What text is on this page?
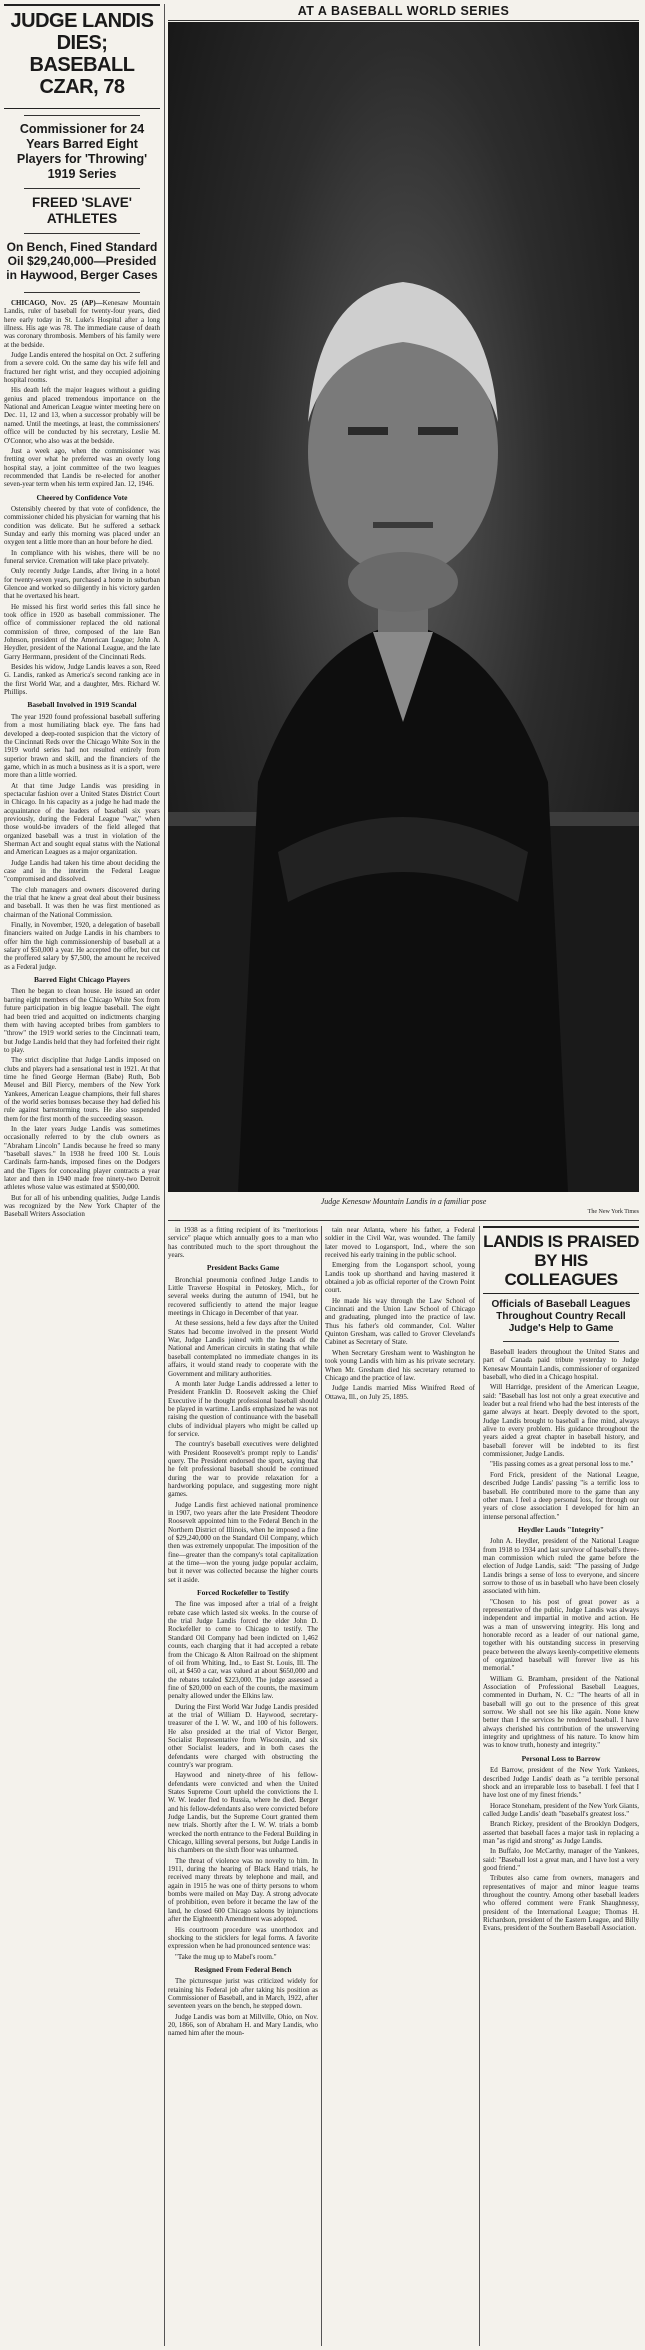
JUDGE LANDIS DIES;
BASEBALL CZAR, 78
Commissioner for 24 Years Barred Eight Players for 'Throwing' 1919 Series
FREED 'SLAVE' ATHLETES
On Bench, Fined Standard Oil $29,240,000—Presided in Haywood, Berger Cases

CHICAGO, Nov. 25 (AP)—Kenesaw Mountain Landis, ruler of baseball for twenty-four years, died here early today in St. Luke's Hospital after a long illness. His age was 78. The immediate cause of death was coronary thrombosis. Members of his family were at the bedside.

Judge Landis entered the hospital on Oct. 2 suffering from a severe cold. On the same day his wife fell and fractured her right wrist, and they occupied adjoining hospital rooms.

His death left the major leagues without a guiding genius and placed tremendous importance on the National and American League winter meeting here on Dec. 11, 12 and 13, when a successor probably will be named. Until the meetings, at least, the commissioners' office will be conducted by his secretary, Leslie M. O'Connor, who also was at the bedside.

Just a week ago, when the commissioner was fretting over what he preferred was an overly long hospital stay, a joint committee of the two leagues recommended that Landis be re-elected for another seven-year term when his term expired Jan. 12, 1946.

Cheered by Confidence Vote

Ostensibly cheered by that vote of confidence, the commissioner chided his physician for warning that his condition was delicate. But he suffered a setback Sunday and early this morning was placed under an oxygen tent a little more than an hour before he died.

In compliance with his wishes, there will be no funeral service. Cremation will take place privately.

Only recently Judge Landis, after living in a hotel for twenty-seven years, purchased a home in suburban Glencoe and worked so diligently in his victory garden that he overtaxed his heart.

He missed his first world series this fall since he took office in 1920 as baseball commissioner. The office of commissioner replaced the old national commission of three, composed of the late Ban Johnson, president of the American League; John A. Heydler, president of the National League, and the late Garry Herrmann, president of the Cincinnati Reds.

Besides his widow, Judge Landis leaves a son, Reed G. Landis, ranked as America's second ranking ace in the first World War, and a daughter, Mrs. Richard W. Phillips.

Baseball Involved in 1919 Scandal

The year 1920 found professional baseball suffering from a most humiliating black eye. The fans had developed a deep-rooted suspicion that the victory of the Cincinnati Reds over the Chicago White Sox in the 1919 world series had not resulted entirely from superior brawn and skill, and the financiers of the game, which in as much a business as it is a sport, were more than a little worried.

At that time Judge Landis was presiding in spectacular fashion over a United States District Court in Chicago. In his capacity as a judge he had made the acquaintance of the leaders of baseball six years previously, during the Federal League "war," when those would-be invaders of the field alleged that organized baseball was a trust in violation of the Sherman Act and sought equal status with the National and American Leagues as a major organization.

Judge Landis had taken his time about deciding the case and in the interim the Federal League "compromised and dissolved.

The club managers and owners discovered during the trial that he knew a great deal about their business and baseball. It was then he was first mentioned as chairman of the National Commission.

Finally, in November, 1920, a delegation of baseball financiers waited on Judge Landis in his chambers to offer him the high commissionership of baseball at a salary of $50,000 a year. He accepted the offer, but cut the proffered salary by $7,500, the amount he received as a Federal judge.

Barred Eight Chicago Players

Then he began to clean house. He issued an order barring eight members of the Chicago White Sox from future participation in big league baseball. The eight had been tried and acquitted on indictments charging them with having accepted bribes from gamblers to "throw" the 1919 world series to the Cincinnati team, but Judge Landis held that they had forfeited their right to play.

The strict discipline that Judge Landis imposed on clubs and players had a sensational test in 1921. At that time he fined George Herman (Babe) Ruth, Bob Meusel and Bill Piercy, members of the New York Yankees, American League champions, their full shares of the world series bonuses because they had defied his rule against barnstorming tours. He also suspended them for the first month of the succeeding season.

In the later years Judge Landis was sometimes occasionally referred to by the club owners as "Abraham Lincoln" Landis because he freed so many "baseball slaves." In 1938 he freed 100 St. Louis Cardinals farm-hands, imposed fines on the Dodgers and the Tigers for concealing player contracts a year later and then in 1940 made free ninety-two Detroit athletes whose value was estimated at $500,000.

But for all of his unbending qualities, Judge Landis was recognized by the New York Chapter of the Baseball Writers Association

AT A BASEBALL WORLD SERIES
Judge Kenesaw Mountain Landis in a familiar pose
The New York Times

in 1938 as a fitting recipient of its "meritorious service" plaque which annually goes to a man who has contributed much to the sport throughout the years.

President Backs Game

Bronchial pneumonia confined Judge Landis to Little Traverse Hospital in Petoskey, Mich., for several weeks during the autumn of 1941, but he recovered sufficiently to attend the major league meetings in Chicago in December of that year.

At these sessions, held a few days after the United States had become involved in the present World War, Judge Landis joined with the heads of the National and American circuits in stating that while baseball contemplated no immediate changes in its affairs, it would stand ready to cooperate with the Government and military authorities.

A month later Judge Landis addressed a letter to President Franklin D. Roosevelt asking the Chief Executive if he thought professional baseball should be played in wartime. Landis emphasized he was not raising the question of continuance with the baseball clubs of individual players who might be called up for service.

The country's baseball executives were delighted with President Roosevelt's prompt reply to Landis' query. The President endorsed the sport, saying that he felt professional baseball should be continued during the war to provide relaxation for a hardworking populace, and suggesting more night games.

Judge Landis first achieved national prominence in 1907, two years after the late President Theodore Roosevelt appointed him to the Federal Bench in the Northern District of Illinois, when he imposed a fine of $29,240,000 on the Standard Oil Company, which then was extremely unpopular. The imposition of the fine—greater than the company's total capitalization at the time—won the young judge popular acclaim, but it never was collected because the higher courts set it aside.

Forced Rockefeller to Testify

The fine was imposed after a trial of a freight rebate case which lasted six weeks. In the course of the trial Judge Landis forced the elder John D. Rockefeller to come to Chicago to testify. The Standard Oil Company had been indicted on 1,462 counts, each charging that it had accepted a rebate from the Chicago & Alton Railroad on the shipment of oil from Whiting, Ind., to East St. Louis, Ill. The oil, at $450 a car, was valued at about $650,000 and the rebates totaled $223,000. The judge assessed a fine of $20,000 on each of the counts, the maximum penalty allowed under the Elkins law.

During the First World War Judge Landis presided at the trial of William D. Haywood, secretary-treasurer of the I. W. W., and 100 of his followers. He also presided at the trial of Victor Berger, Socialist Representative from Wisconsin, and six other Socialist leaders, and in both cases the defendants were charged with obstructing the country's war program.

Haywood and ninety-three of his fellow-defendants were convicted and when the United States Supreme Court upheld the convictions the I. W. W. leader fled to Russia, where he died. Berger and his fellow-defendants also were convicted before Judge Landis, but the Supreme Court granted them new trials. Shortly after the I. W. W. trials a bomb wrecked the north entrance to the Federal Building in Chicago, killing several persons, but Judge Landis in his chambers on the sixth floor was unharmed.

The threat of violence was no novelty to him. In 1911, during the hearing of Black Hand trials, he received many threats by telephone and mail, and again in 1915 he was one of thirty persons to whom bombs were mailed on May Day. A strong advocate of prohibition, even before it became the law of the land, he closed 600 Chicago saloons by injunctions after the Eighteenth Amendment was adopted.

His courtroom procedure was unorthodox and shocking to the sticklers for legal forms. A favorite expression when he had pronounced sentence was:

"Take the mug up to Mabel's room."

Resigned From Federal Bench

The picturesque jurist was criticized widely for retaining his Federal job after taking his position as Commissioner of Baseball, and in March, 1922, after seventeen years on the bench, he stepped down.

Judge Landis was born at Millville, Ohio, on Nov. 20, 1866, son of Abraham H. and Mary Landis, who named him after the moun-

tain near Atlanta, where his father, a Federal soldier in the Civil War, was wounded. The family later moved to Logansport, Ind., where the son received his early training in the public school.

Emerging from the Logansport school, young Landis took up shorthand and having mastered it obtained a job as official reporter of the Crown Point court.

He made his way through the Law School of Cincinnati and the Union Law School of Chicago and graduating, plunged into the practice of law. Thus his father's old commander, Col. Walter Quinton Gresham, was called to Grover Cleveland's Cabinet as Secretary of State.

When Secretary Gresham went to Washington he took young Landis with him as his private secretary. When Mr. Gresham died his secretary returned to Chicago and the practice of law.

Judge Landis married Miss Winifred Reed of Ottawa, Ill., on July 25, 1895.

LANDIS IS PRAISED BY HIS COLLEAGUES
Officials of Baseball Leagues Throughout Country Recall Judge's Help to Game

Baseball leaders throughout the United States and part of Canada paid tribute yesterday to Judge Kenesaw Mountain Landis, commissioner of organized baseball, who died in a Chicago hospital.

Will Harridge, president of the American League, said: "Baseball has lost not only a great executive and leader but a real friend who had the best interests of the game always at heart. Deeply devoted to the sport, Judge Landis brought to baseball a fine mind, always alive to every problem. His guidance throughout the years aided a great chapter in baseball history, and baseball forever will be indebted to its first commissioner, Judge Landis.

"His passing comes as a great personal loss to me."

Ford Frick, president of the National League, described Judge Landis' passing "is a terrific loss to baseball. He contributed more to the game than any other man. I feel a deep personal loss, for through our years of close association I developed for him an intense personal affection."

Heydler Lauds "Integrity"

John A. Heydler, president of the National League from 1918 to 1934 and last survivor of baseball's three-man commission which ruled the game before the election of Judge Landis, said: "The passing of Judge Landis brings a sense of loss to everyone, and sincere sorrow to those of us in baseball who have been closely associated with him.

"Chosen to his post of great power as a representative of the public, Judge Landis was always independent and impartial in motive and action. He was a man of unswerving integrity. His long and honorable record as a leader of our national game, together with his outstanding success in preserving peace between the always keenly-competitive elements of organized baseball will forever live as his memorial."

William G. Bramham, president of the National Association of Professional Baseball Leagues, commented in Durham, N. C.: "The hearts of all in baseball will go out to the presence of this great sorrow. We shall not see his like again. None knew better than I the services he rendered baseball. I have always cherished his contribution of the unswerving integrity and uprightness of his nature. To know him was to know truth, honesty and integrity."

Personal Loss to Barrow

Ed Barrow, president of the New York Yankees, described Judge Landis' death as "a terrible personal shock and an irreparable loss to baseball. I feel that I have lost one of my finest friends."

Horace Stoneham, president of the New York Giants, called Judge Landis' death "baseball's greatest loss."

Branch Rickey, president of the Brooklyn Dodgers, asserted that baseball faces a major task in replacing a man "as rigid and strong" as Judge Landis.

In Buffalo, Joe McCarthy, manager of the Yankees, said: "Baseball lost a great man, and I have lost a very good friend."

Tributes also came from owners, managers and representatives of major and minor league teams throughout the country. Among other baseball leaders who offered comment were Frank Shaughnessy, president of the International League; Thomas H. Richardson, president of the Eastern League, and Billy Evans, president of the Southern Baseball Association.
